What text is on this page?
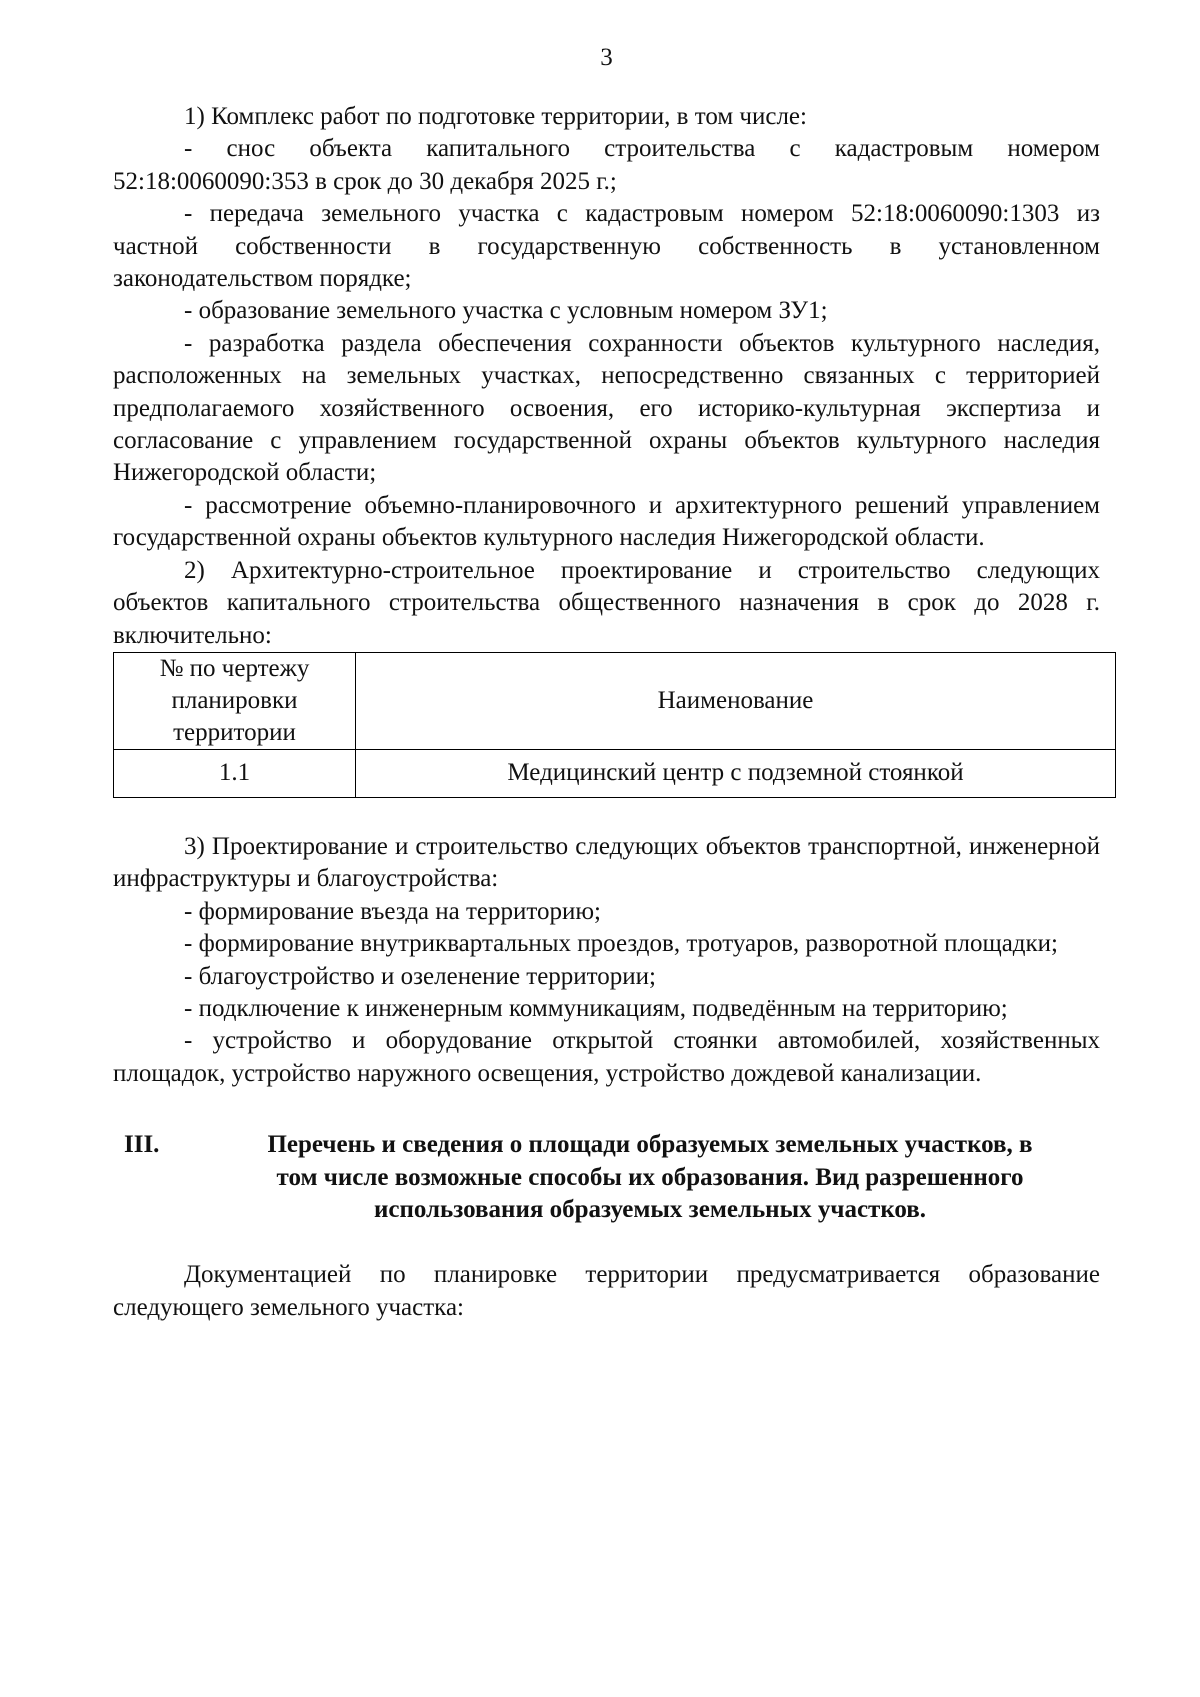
3

1) Комплекс работ по подготовке территории, в том числе:

- снос объекта капитального строительства с кадастровым номером 52:18:0060090:353 в срок до 30 декабря 2025 г.;

- передача земельного участка с кадастровым номером 52:18:0060090:1303 из частной собственности в государственную собственность в установленном законодательством порядке;

- образование земельного участка с условным номером ЗУ1;

- разработка раздела обеспечения сохранности объектов культурного наследия, расположенных на земельных участках, непосредственно связанных с территорией предполагаемого хозяйственного освоения, его историко-культурная экспертиза и согласование с управлением государственной охраны объектов культурного наследия Нижегородской области;

- рассмотрение объемно-планировочного и архитектурного решений управлением государственной охраны объектов культурного наследия Нижегородской области.

2) Архитектурно-строительное проектирование и строительство следующих объектов капитального строительства общественного назначения в срок до 2028 г. включительно:

№ по чертежу
планировки
территории	Наименование
1.1	Медицинский центр с подземной стоянкой

3) Проектирование и строительство следующих объектов транспортной, инженерной инфраструктуры и благоустройства:

- формирование въезда на территорию;

- формирование внутриквартальных проездов, тротуаров, разворотной площадки;

- благоустройство и озеленение территории;

- подключение к инженерным коммуникациям, подведённым на территорию;

- устройство и оборудование открытой стоянки автомобилей, хозяйственных площадок, устройство наружного освещения, устройство дождевой канализации.

III.	Перечень и сведения о площади образуемых земельных участков, в
том числе возможные способы их образования. Вид разрешенного
использования образуемых земельных участков.

Документацией по планировке территории предусматривается образование следующего земельного участка:
